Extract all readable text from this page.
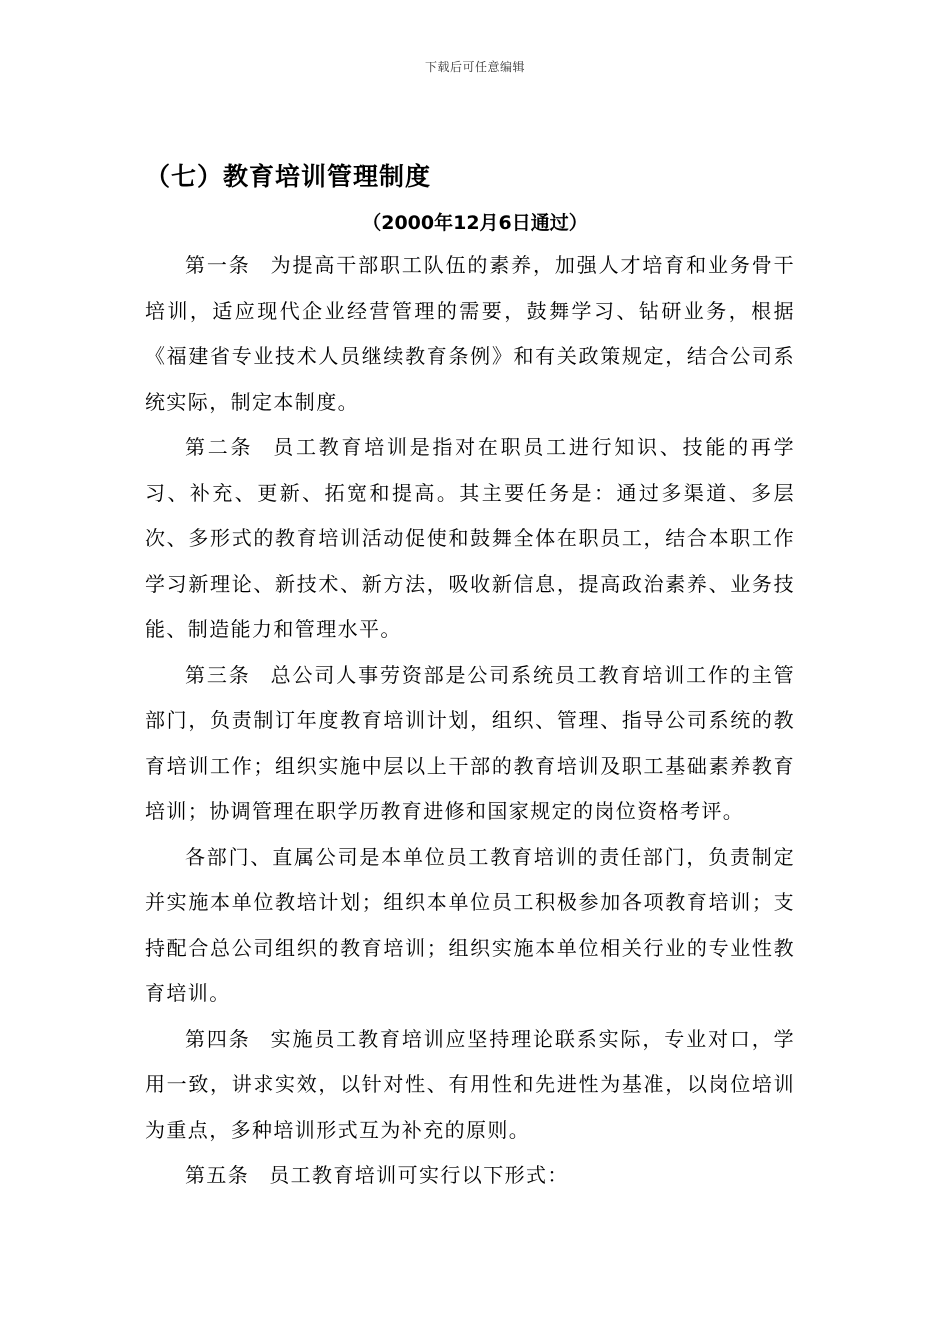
下载后可任意编辑
（七）教育培训管理制度
（2000年12月6日通过）

第一条 为提高干部职工队伍的素养，加强人才培育和业务骨干培训，适应现代企业经营管理的需要，鼓舞学习、钻研业务，根据《福建省专业技术人员继续教育条例》和有关政策规定，结合公司系统实际，制定本制度。

第二条 员工教育培训是指对在职员工进行知识、技能的再学习、补充、更新、拓宽和提高。其主要任务是：通过多渠道、多层次、多形式的教育培训活动促使和鼓舞全体在职员工，结合本职工作学习新理论、新技术、新方法，吸收新信息，提高政治素养、业务技能、制造能力和管理水平。

第三条 总公司人事劳资部是公司系统员工教育培训工作的主管部门，负责制订年度教育培训计划，组织、管理、指导公司系统的教育培训工作；组织实施中层以上干部的教育培训及职工基础素养教育培训；协调管理在职学历教育进修和国家规定的岗位资格考评。

各部门、直属公司是本单位员工教育培训的责任部门，负责制定并实施本单位教培计划；组织本单位员工积极参加各项教育培训；支持配合总公司组织的教育培训；组织实施本单位相关行业的专业性教育培训。

第四条 实施员工教育培训应坚持理论联系实际，专业对口，学用一致，讲求实效，以针对性、有用性和先进性为基准，以岗位培训为重点，多种培训形式互为补充的原则。

第五条 员工教育培训可实行以下形式：
